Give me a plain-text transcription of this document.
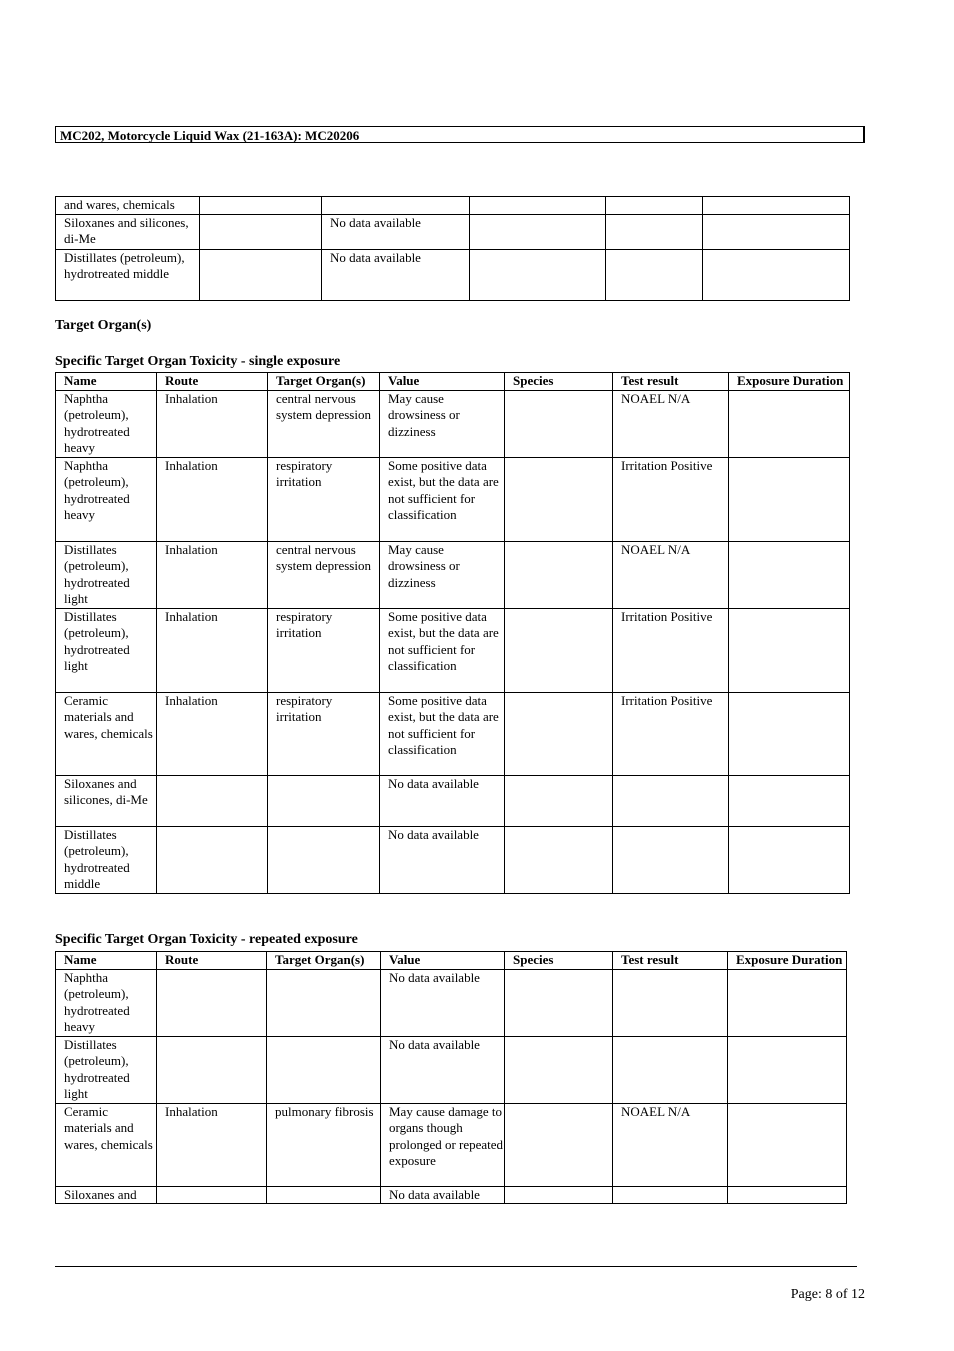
MC202, Motorcycle Liquid Wax (21-163A): MC20206
and wares, chemicals					
Siloxanes and silicones, di-Me		No data available			
Distillates (petroleum), hydrotreated middle		No data available			
Target Organ(s)
Specific Target Organ Toxicity - single exposure
Name	Route	Target Organ(s)	Value	Species	Test result	Exposure Duration
Naphtha (petroleum), hydrotreated heavy	Inhalation	central nervous system depression	May cause drowsiness or dizziness		NOAEL N/A	
Naphtha (petroleum), hydrotreated heavy	Inhalation	respiratory irritation	Some positive data exist, but the data are not sufficient for classification		Irritation Positive	
Distillates (petroleum), hydrotreated light	Inhalation	central nervous system depression	May cause drowsiness or dizziness		NOAEL N/A	
Distillates (petroleum), hydrotreated light	Inhalation	respiratory irritation	Some positive data exist, but the data are not sufficient for classification		Irritation Positive	
Ceramic materials and wares, chemicals	Inhalation	respiratory irritation	Some positive data exist, but the data are not sufficient for classification		Irritation Positive	
Siloxanes and silicones, di-Me			No data available			
Distillates (petroleum), hydrotreated middle			No data available			
Specific Target Organ Toxicity - repeated exposure
Name	Route	Target Organ(s)	Value	Species	Test result	Exposure Duration
Naphtha (petroleum), hydrotreated heavy			No data available			
Distillates (petroleum), hydrotreated light			No data available			
Ceramic materials and wares, chemicals	Inhalation	pulmonary fibrosis	May cause damage to organs though prolonged or repeated exposure		NOAEL N/A	
Siloxanes and			No data available			
Page: 8 of 12
